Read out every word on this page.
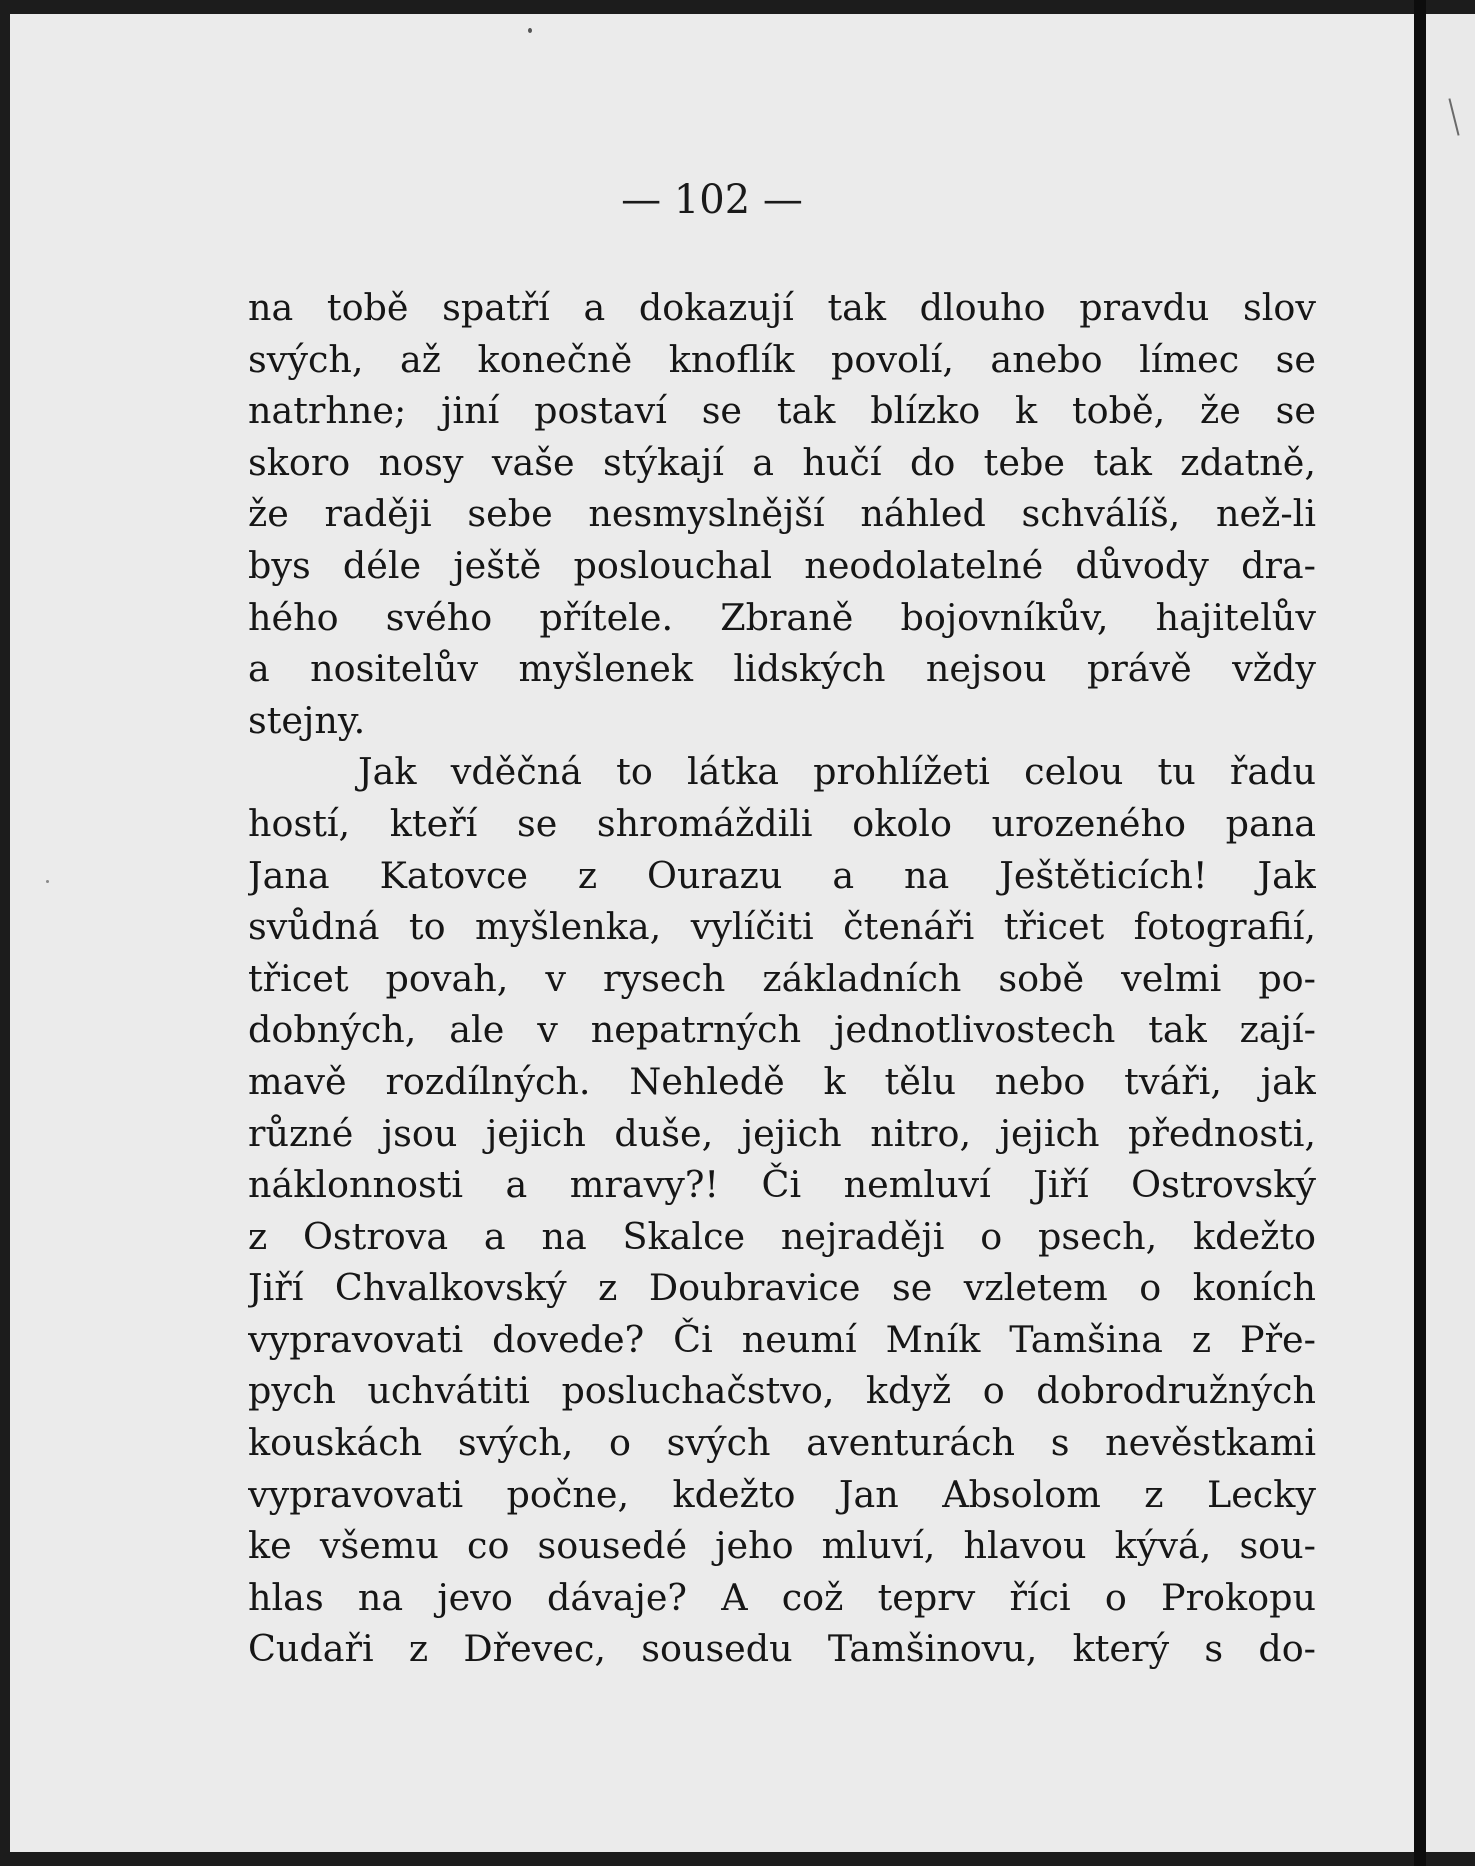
— 102 —
na tobě spatří a dokazují tak dlouho pravdu slov
svých, až konečně knoflík povolí, anebo límec se
natrhne; jiní postaví se tak blízko k tobě, že se
skoro nosy vaše stýkají a hučí do tebe tak zdatně,
že raději sebe nesmyslnější náhled schválíš, než-li
bys déle ještě poslouchal neodolatelné důvody dra-
hého svého přítele. Zbraně bojovníkův, hajitelův
a nositelův myšlenek lidských nejsou právě vždy
stejny.
Jak vděčná to látka prohlížeti celou tu řadu
hostí, kteří se shromáždili okolo urozeného pana
Jana Katovce z Ourazu a na Ještěticích! Jak
svůdná to myšlenka, vylíčiti čtenáři třicet fotografií,
třicet povah, v rysech základních sobě velmi po-
dobných, ale v nepatrných jednotlivostech tak zají-
mavě rozdílných. Nehledě k tělu nebo tváři, jak
různé jsou jejich duše, jejich nitro, jejich přednosti,
náklonnosti a mravy?! Či nemluví Jiří Ostrovský
z Ostrova a na Skalce nejraději o psech, kdežto
Jiří Chvalkovský z Doubravice se vzletem o koních
vypravovati dovede? Či neumí Mník Tamšina z Pře-
pych uchvátiti posluchačstvo, když o dobrodružných
kouskách svých, o svých aventurách s nevěstkami
vypravovati počne, kdežto Jan Absolom z Lecky
ke všemu co sousedé jeho mluví, hlavou kývá, sou-
hlas na jevo dávaje? A což teprv říci o Prokopu
Cudaři z Dřevec, sousedu Tamšinovu, který s do-
